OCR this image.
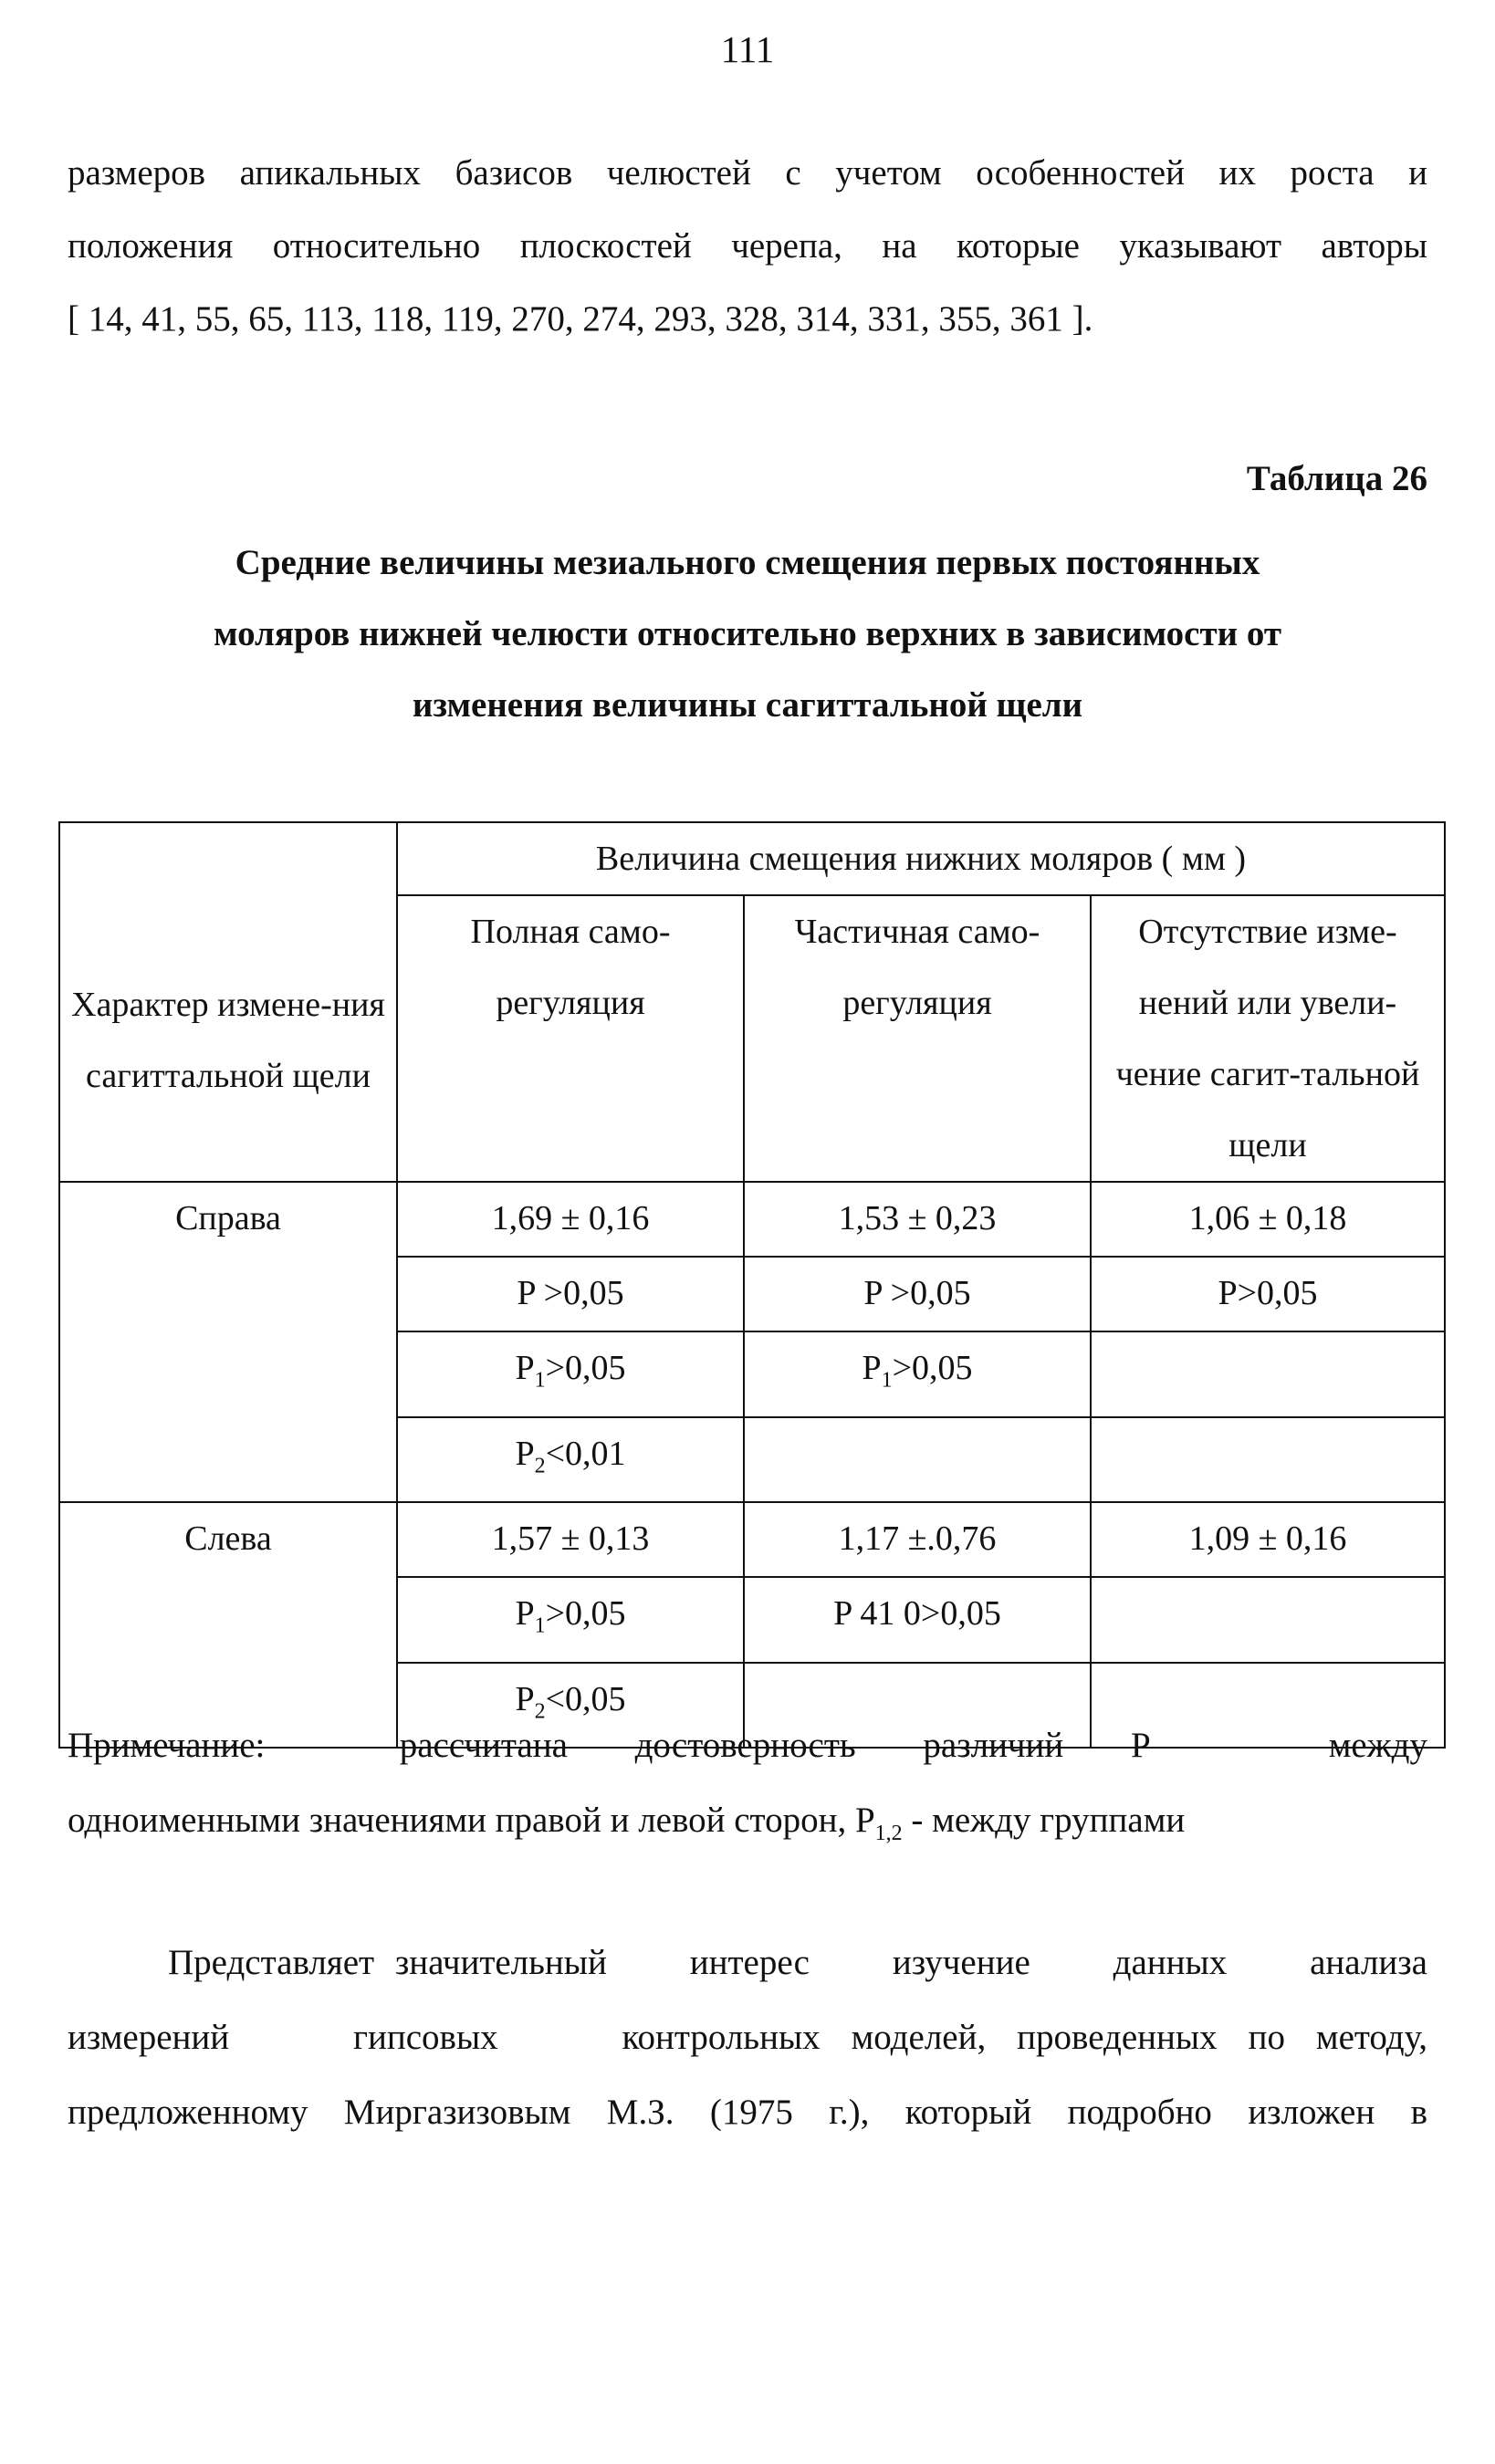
111
размеров апикальных базисов челюстей с учетом особенностей их роста и
положения относительно плоскостей черепа, на которые указывают авторы
[ 14, 41, 55, 65, 113, 118, 119, 270, 274, 293, 328, 314, 331, 355, 361 ].
Таблица 26
Средние величины мезиального смещения первых постоянных
моляров нижней челюсти относительно верхних в зависимости от
изменения величины сагиттальной щели
Характер измене-ния сагиттальной щели	Величина смещения нижних моляров ( мм )		
	Полная само-регуляция	Частичная само-регуляция	Отсутствие изме-нений или увели-чение сагит-тальной щели
Справа	1,69 ± 0,16	1,53 ± 0,23	1,06 ± 0,18
	P >0,05	P >0,05	P>0,05
	$P_1>0,05$	$P_1>0,05$	
	$P_2<0,01$		
Слева	1,57 ± 0,13	1,17 ±.0,76	1,09 ± 0,16
	$P_1>0,05$	P 41 0>0,05	
	$P_2<0,05$		
Примечание:      рассчитана   достоверность   различий   P        между
одноименными значениями правой и левой сторон, $P_{1,2}$ - между группами
Представляет значительный    интерес    изучение    данных    анализа
измерений    гипсовых    контрольных моделей, проведенных по методу,
предложенному Миргазизовым М.З. (1975 г.), который подробно изложен в
